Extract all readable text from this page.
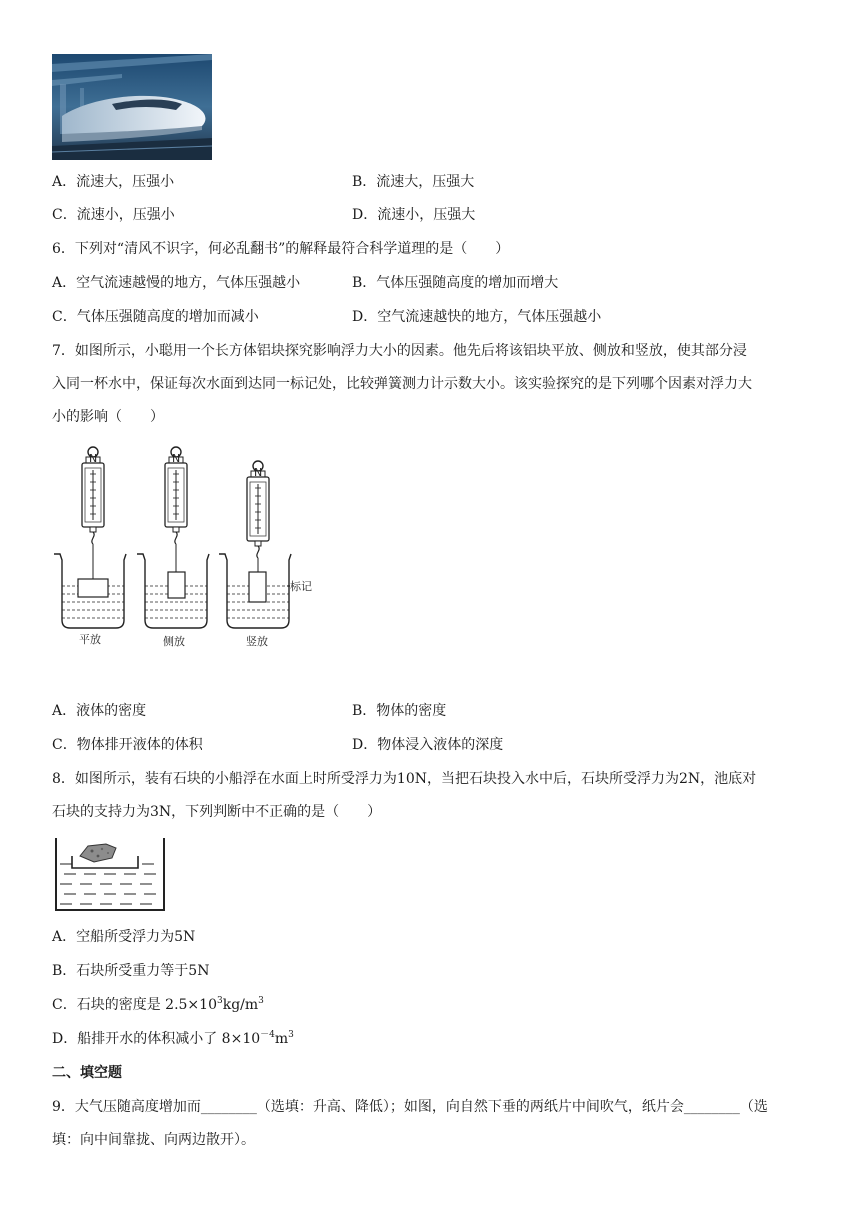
A．流速大，压强小	B．流速大，压强大
C．流速小，压强小	D．流速小，压强大
6．下列对“清风不识字，何必乱翻书”的解释最符合科学道理的是（　　）
A．空气流速越慢的地方，气体压强越小	B．气体压强随高度的增加而增大
C．气体压强随高度的增加而减小	D．空气流速越快的地方，气体压强越小
7．如图所示，小聪用一个长方体铝块探究影响浮力大小的因素。他先后将该铝块平放、侧放和竖放，使其部分浸
入同一杯水中，保证每次水面到达同一标记处，比较弹簧测力计示数大小。该实验探究的是下列哪个因素对浮力大
小的影响（　　）
N	N
N
标记
平放	侧放	竖放
A．液体的密度	B．物体的密度
C．物体排开液体的体积	D．物体浸入液体的深度
8．如图所示，装有石块的小船浮在水面上时所受浮力为10N，当把石块投入水中后，石块所受浮力为2N，池底对
石块的支持力为3N，下列判断中不正确的是（　　）
A．空船所受浮力为5N
B．石块所受重力等于5N
C．石块的密度是 $2.5\times 10^3kg/m^3$
D．船排开水的体积减小了 $8\times 10^{-4}m^3$
二、填空题
9．大气压随高度增加而________（选填：升高、降低）；如图，向自然下垂的两纸片中间吹气，纸片会________（选
填：向中间靠拢、向两边散开）。
